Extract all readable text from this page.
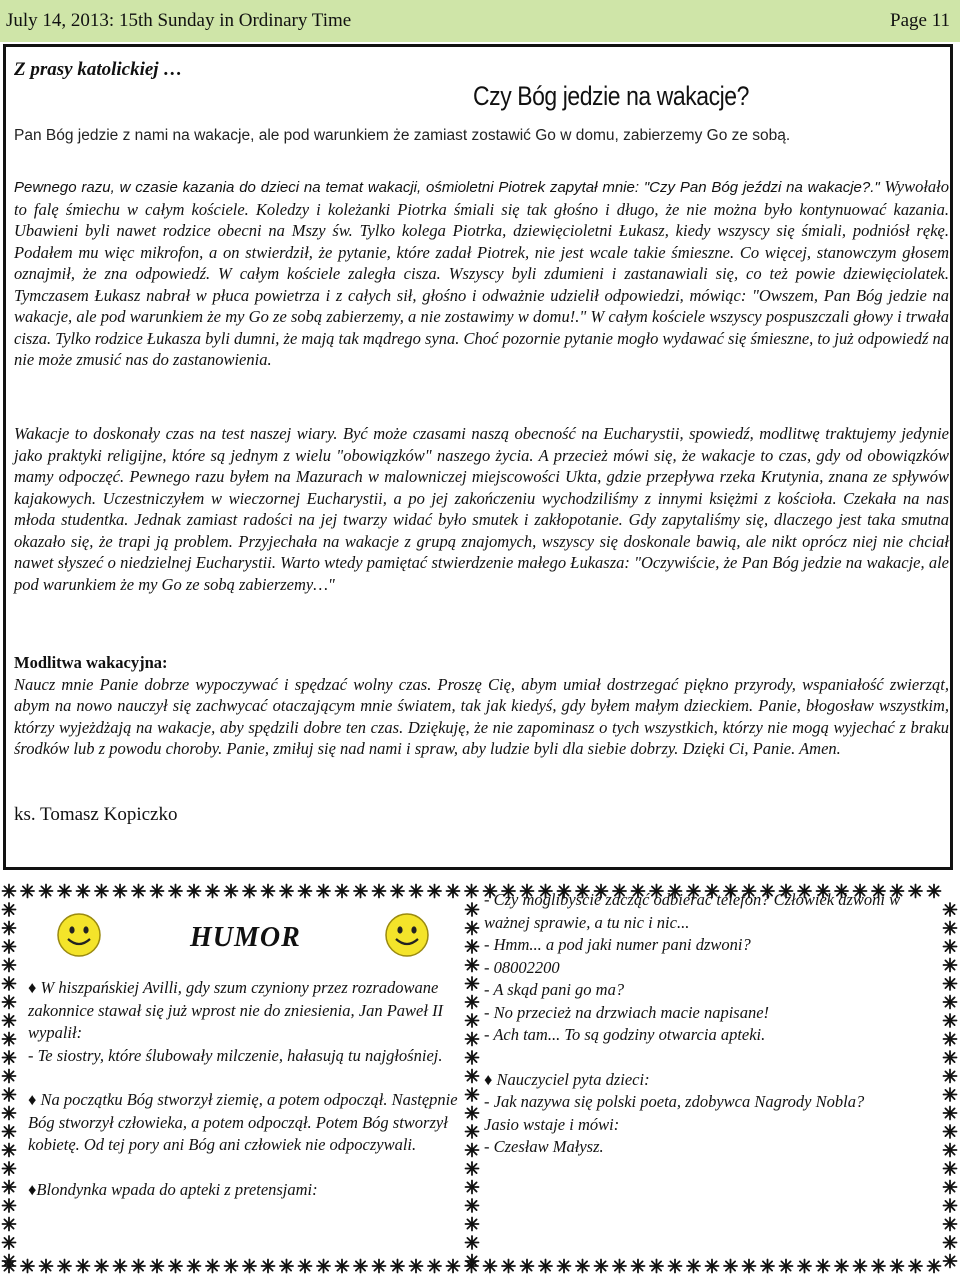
July 14, 2013: 15th Sunday in Ordinary Time	Page 11
Z prasy katolickiej …
Czy Bóg jedzie na wakacje?
Pan Bóg jedzie z nami na wakacje, ale pod warunkiem że zamiast zostawić Go w domu, zabierzemy Go ze sobą.

Pewnego razu, w czasie kazania do dzieci na temat wakacji, ośmioletni Piotrek zapytał mnie: "Czy Pan Bóg jeździ na wakacje?." Wywołało to falę śmiechu w całym kościele. Koledzy i koleżanki Piotrka śmiali się tak głośno i długo, że nie można było kontynuować kazania. Ubawieni byli nawet rodzice obecni na Mszy św. Tylko kolega Piotrka, dziewięcioletni Łukasz, kiedy wszyscy się śmiali, podniósł rękę. Podałem mu więc mikrofon, a on stwierdził, że pytanie, które zadał Piotrek, nie jest wcale takie śmieszne. Co więcej, stanowczym głosem oznajmił, że zna odpowiedź. W całym kościele zaległa cisza. Wszyscy byli zdumieni i zastanawiali się, co też powie dziewięciolatek. Tymczasem Łukasz nabrał w płuca powietrza i z całych sił, głośno i odważnie udzielił odpowiedzi, mówiąc: "Owszem, Pan Bóg jedzie na wakacje, ale pod warunkiem że my Go ze sobą zabierzemy, a nie zostawimy w domu!." W całym kościele wszyscy pospuszczali głowy i trwała cisza. Tylko rodzice Łukasza byli dumni, że mają tak mądrego syna. Choć pozornie pytanie mogło wydawać się śmieszne, to już odpowiedź na nie może zmusić nas do zastanowienia.

Wakacje to doskonały czas na test naszej wiary. Być może czasami naszą obecność na Eucharystii, spowiedź, modlitwę traktujemy jedynie jako praktyki religijne, które są jednym z wielu "obowiązków" naszego życia. A przecież mówi się, że wakacje to czas, gdy od obowiązków mamy odpoczęć. Pewnego razu byłem na Mazurach w malowniczej miejscowości Ukta, gdzie przepływa rzeka Krutynia, znana ze spływów kajakowych. Uczestniczyłem w wieczornej Eucharystii, a po jej zakończeniu wychodziliśmy z innymi księżmi z kościoła. Czekała na nas młoda studentka. Jednak zamiast radości na jej twarzy widać było smutek i zakłopotanie. Gdy zapytaliśmy się, dlaczego jest taka smutna okazało się, że trapi ją problem. Przyjechała na wakacje z grupą znajomych, wszyscy się doskonale bawią, ale nikt oprócz niej nie chciał nawet słyszeć o niedzielnej Eucharystii. Warto wtedy pamiętać stwierdzenie małego Łukasza: "Oczywiście, że Pan Bóg jedzie na wakacje, ale pod warunkiem że my Go ze sobą zabierzemy…"

Modlitwa wakacyjna:
Naucz mnie Panie dobrze wypoczywać i spędzać wolny czas. Proszę Cię, abym umiał dostrzegać piękno przyrody, wspaniałość zwierząt, abym na nowo nauczył się zachwycać otaczającym mnie światem, tak jak kiedyś, gdy byłem małym dzieckiem. Panie, błogosław wszystkim, którzy wyjeżdżają na wakacje, aby spędzili dobre ten czas. Dziękuję, że nie zapominasz o tych wszystkich, którzy nie mogą wyjechać z braku środków lub z powodu choroby. Panie, zmiłuj się nad nami i spraw, aby ludzie byli dla siebie dobrzy. Dzięki Ci, Panie. Amen.

ks. Tomasz Kopiczko
HUMOR

♦ W hiszpańskiej Avilli, gdy szum czyniony przez rozradowane zakonnice stawał się już wprost nie do zniesienia, Jan Paweł II wypalił:

- Te siostry, które ślubowały milczenie, hałasują tu najgłośniej.

♦ Na początku Bóg stworzył ziemię, a potem odpoczął. Następnie Bóg stworzył człowieka, a potem odpoczął. Potem Bóg stworzył kobietę. Od tej pory ani Bóg ani człowiek nie odpoczywali.

♦Blondynka wpada do apteki z pretensjami:

- Czy moglibyście zacząć odbierać telefon? Człowiek dzwoni w ważnej sprawie, a tu nic i nic...

- Hmm... a pod jaki numer pani dzwoni?

- 08002200

- A skąd pani go ma?

- No przecież na drzwiach macie napisane!

- Ach tam... To są godziny otwarcia apteki.

♦ Nauczyciel pyta dzieci:

- Jak nazywa się polski poeta, zdobywca Nagrody Nobla?

Jasio wstaje i mówi:

- Czesław Małysz.
